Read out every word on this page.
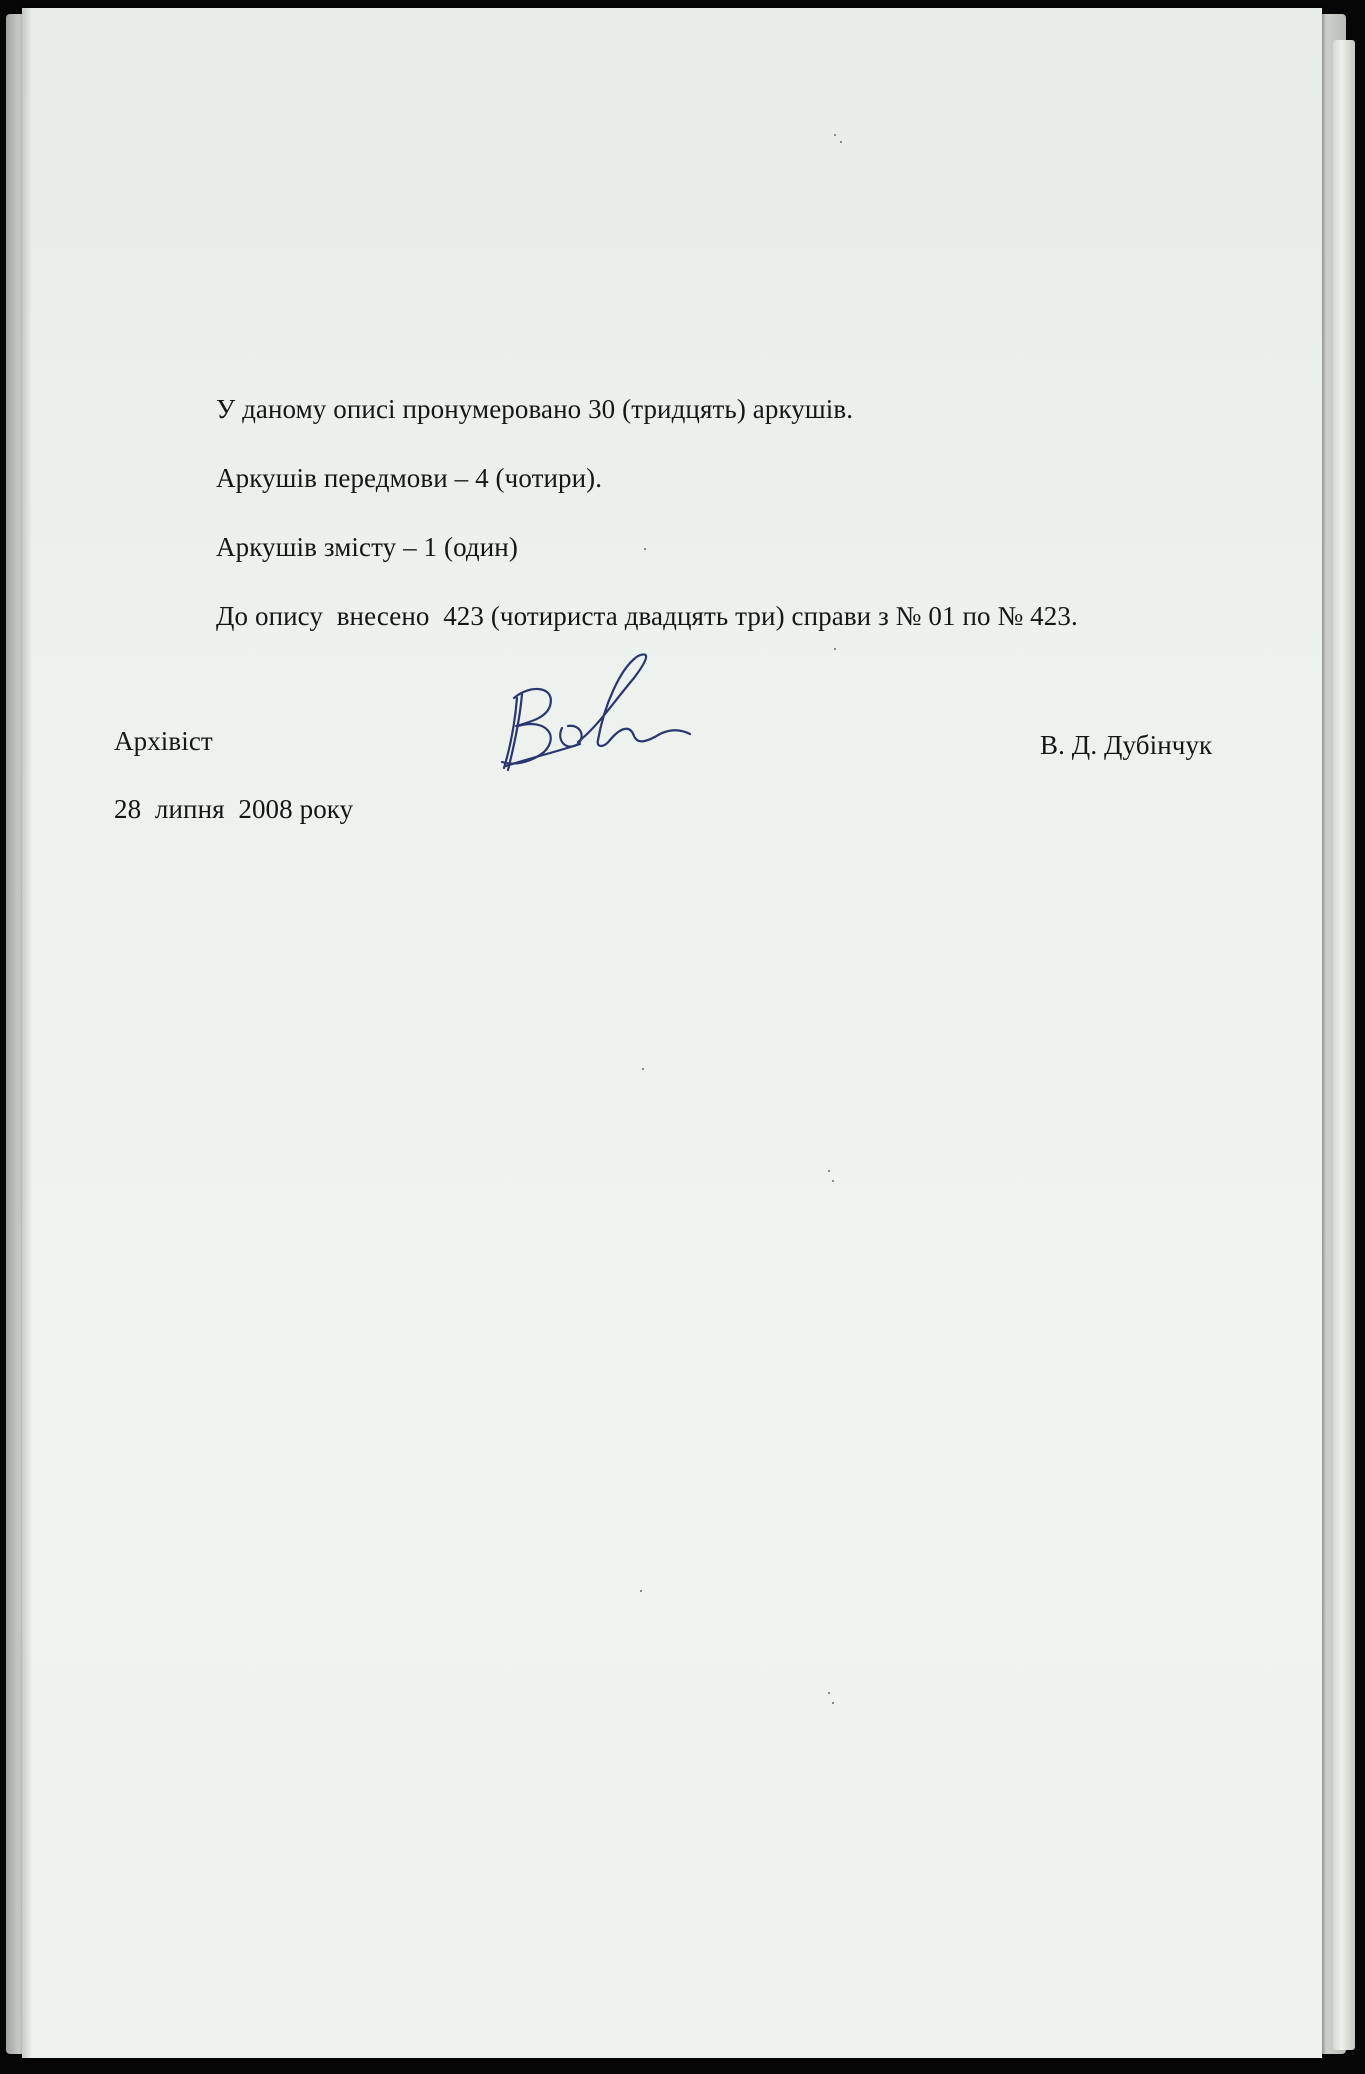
У даному описі пронумеровано 30 (тридцять) аркушів.
Аркушів передмови – 4 (чотири).
Аркушів змісту – 1 (один)
До опису  внесено  423 (чотириста двадцять три) справи з № 01 по № 423.
Архівіст	В. Д. Дубінчук
28  липня  2008 року
